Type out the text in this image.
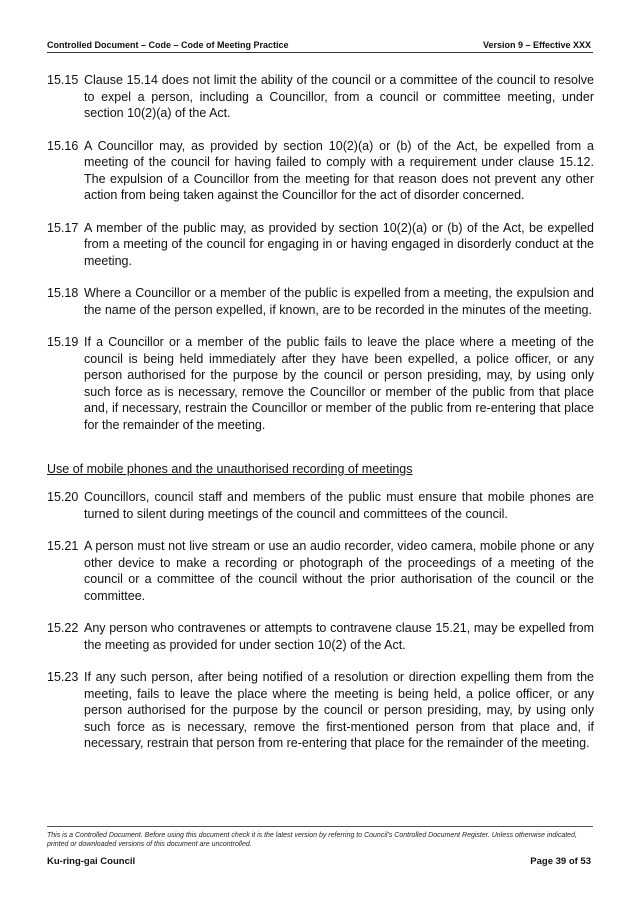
Controlled Document – Code – Code of Meeting Practice	Version 9 – Effective XXX
15.15 Clause 15.14 does not limit the ability of the council or a committee of the council to resolve to expel a person, including a Councillor, from a council or committee meeting, under section 10(2)(a) of the Act.
15.16 A Councillor may, as provided by section 10(2)(a) or (b) of the Act, be expelled from a meeting of the council for having failed to comply with a requirement under clause 15.12. The expulsion of a Councillor from the meeting for that reason does not prevent any other action from being taken against the Councillor for the act of disorder concerned.
15.17 A member of the public may, as provided by section 10(2)(a) or (b) of the Act, be expelled from a meeting of the council for engaging in or having engaged in disorderly conduct at the meeting.
15.18 Where a Councillor or a member of the public is expelled from a meeting, the expulsion and the name of the person expelled, if known, are to be recorded in the minutes of the meeting.
15.19 If a Councillor or a member of the public fails to leave the place where a meeting of the council is being held immediately after they have been expelled, a police officer, or any person authorised for the purpose by the council or person presiding, may, by using only such force as is necessary, remove the Councillor or member of the public from that place and, if necessary, restrain the Councillor or member of the public from re-entering that place for the remainder of the meeting.
Use of mobile phones and the unauthorised recording of meetings
15.20 Councillors, council staff and members of the public must ensure that mobile phones are turned to silent during meetings of the council and committees of the council.
15.21 A person must not live stream or use an audio recorder, video camera, mobile phone or any other device to make a recording or photograph of the proceedings of a meeting of the council or a committee of the council without the prior authorisation of the council or the committee.
15.22 Any person who contravenes or attempts to contravene clause 15.21, may be expelled from the meeting as provided for under section 10(2) of the Act.
15.23 If any such person, after being notified of a resolution or direction expelling them from the meeting, fails to leave the place where the meeting is being held, a police officer, or any person authorised for the purpose by the council or person presiding, may, by using only such force as is necessary, remove the first-mentioned person from that place and, if necessary, restrain that person from re-entering that place for the remainder of the meeting.
This is a Controlled Document. Before using this document check it is the latest version by referring to Council’s Controlled Document Register. Unless otherwise indicated, printed or downloaded versions of this document are uncontrolled.
Ku-ring-gai Council	Page 39 of 53
